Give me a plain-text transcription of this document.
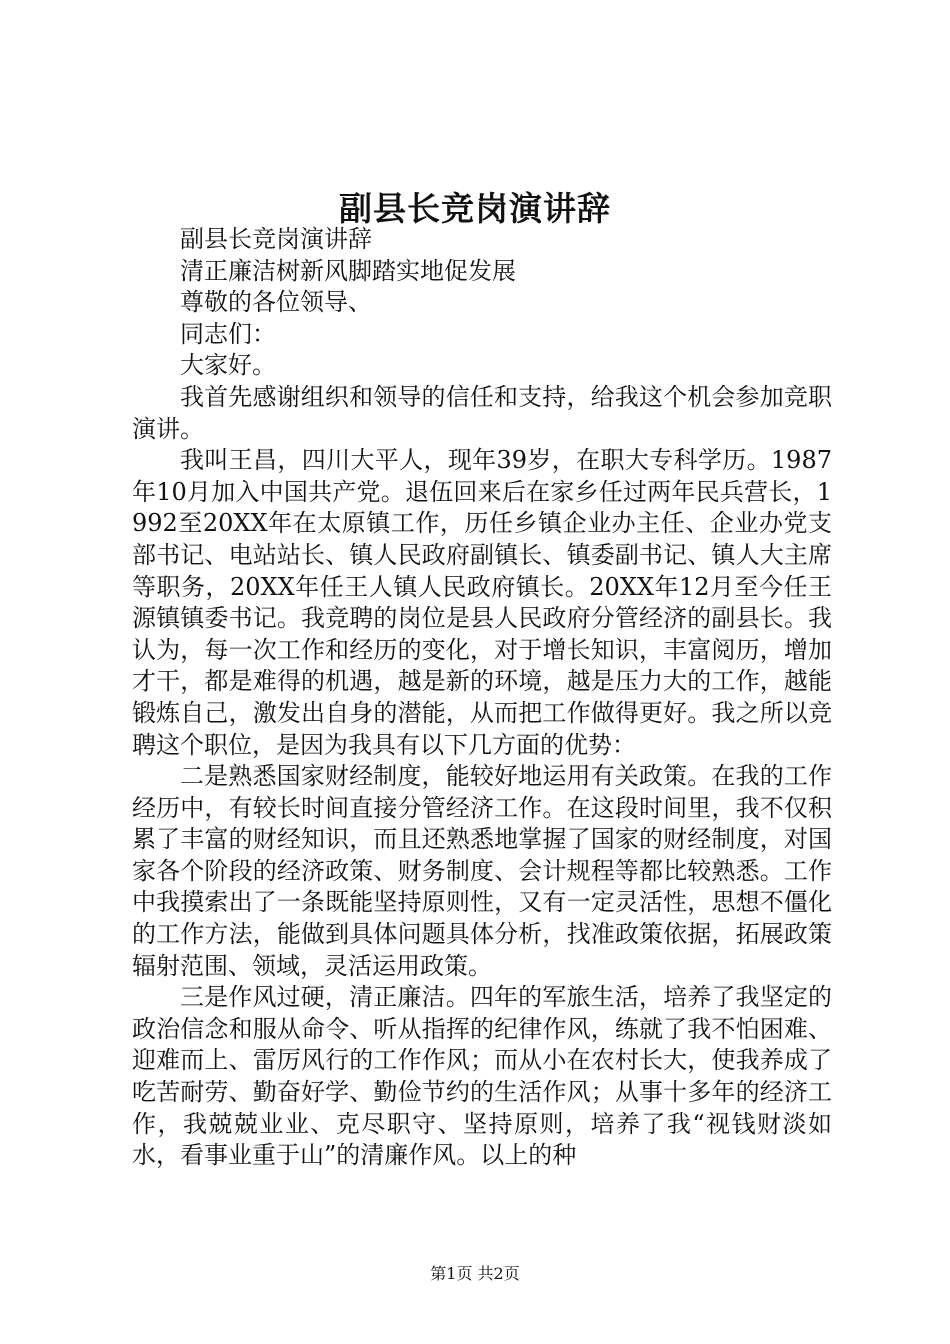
副县长竞岗演讲辞

副县长竞岗演讲辞

清正廉洁树新风脚踏实地促发展

尊敬的各位领导、

同志们：

大家好。

我首先感谢组织和领导的信任和支持，给我这个机会参加竞职演讲。

我叫王昌，四川大平人，现年39岁，在职大专科学历。1987年10月加入中国共产党。退伍回来后在家乡任过两年民兵营长，1992至20XX年在太原镇工作，历任乡镇企业办主任、企业办党支部书记、电站站长、镇人民政府副镇长、镇委副书记、镇人大主席等职务，20XX年任王人镇人民政府镇长。20XX年12月至今任王源镇镇委书记。我竞聘的岗位是县人民政府分管经济的副县长。我认为，每一次工作和经历的变化，对于增长知识，丰富阅历，增加才干，都是难得的机遇，越是新的环境，越是压力大的工作，越能锻炼自己，激发出自身的潜能，从而把工作做得更好。我之所以竞聘这个职位，是因为我具有以下几方面的优势：

二是熟悉国家财经制度，能较好地运用有关政策。在我的工作经历中，有较长时间直接分管经济工作。在这段时间里，我不仅积累了丰富的财经知识，而且还熟悉地掌握了国家的财经制度，对国家各个阶段的经济政策、财务制度、会计规程等都比较熟悉。工作中我摸索出了一条既能坚持原则性，又有一定灵活性，思想不僵化的工作方法，能做到具体问题具体分析，找准政策依据，拓展政策辐射范围、领域，灵活运用政策。

三是作风过硬，清正廉洁。四年的军旅生活，培养了我坚定的政治信念和服从命令、听从指挥的纪律作风，练就了我不怕困难、迎难而上、雷厉风行的工作作风；而从小在农村长大，使我养成了吃苦耐劳、勤奋好学、勤俭节约的生活作风；从事十多年的经济工作，我兢兢业业、克尽职守、坚持原则，培养了我“视钱财淡如水，看事业重于山”的清廉作风。以上的种

第1页 共2页
